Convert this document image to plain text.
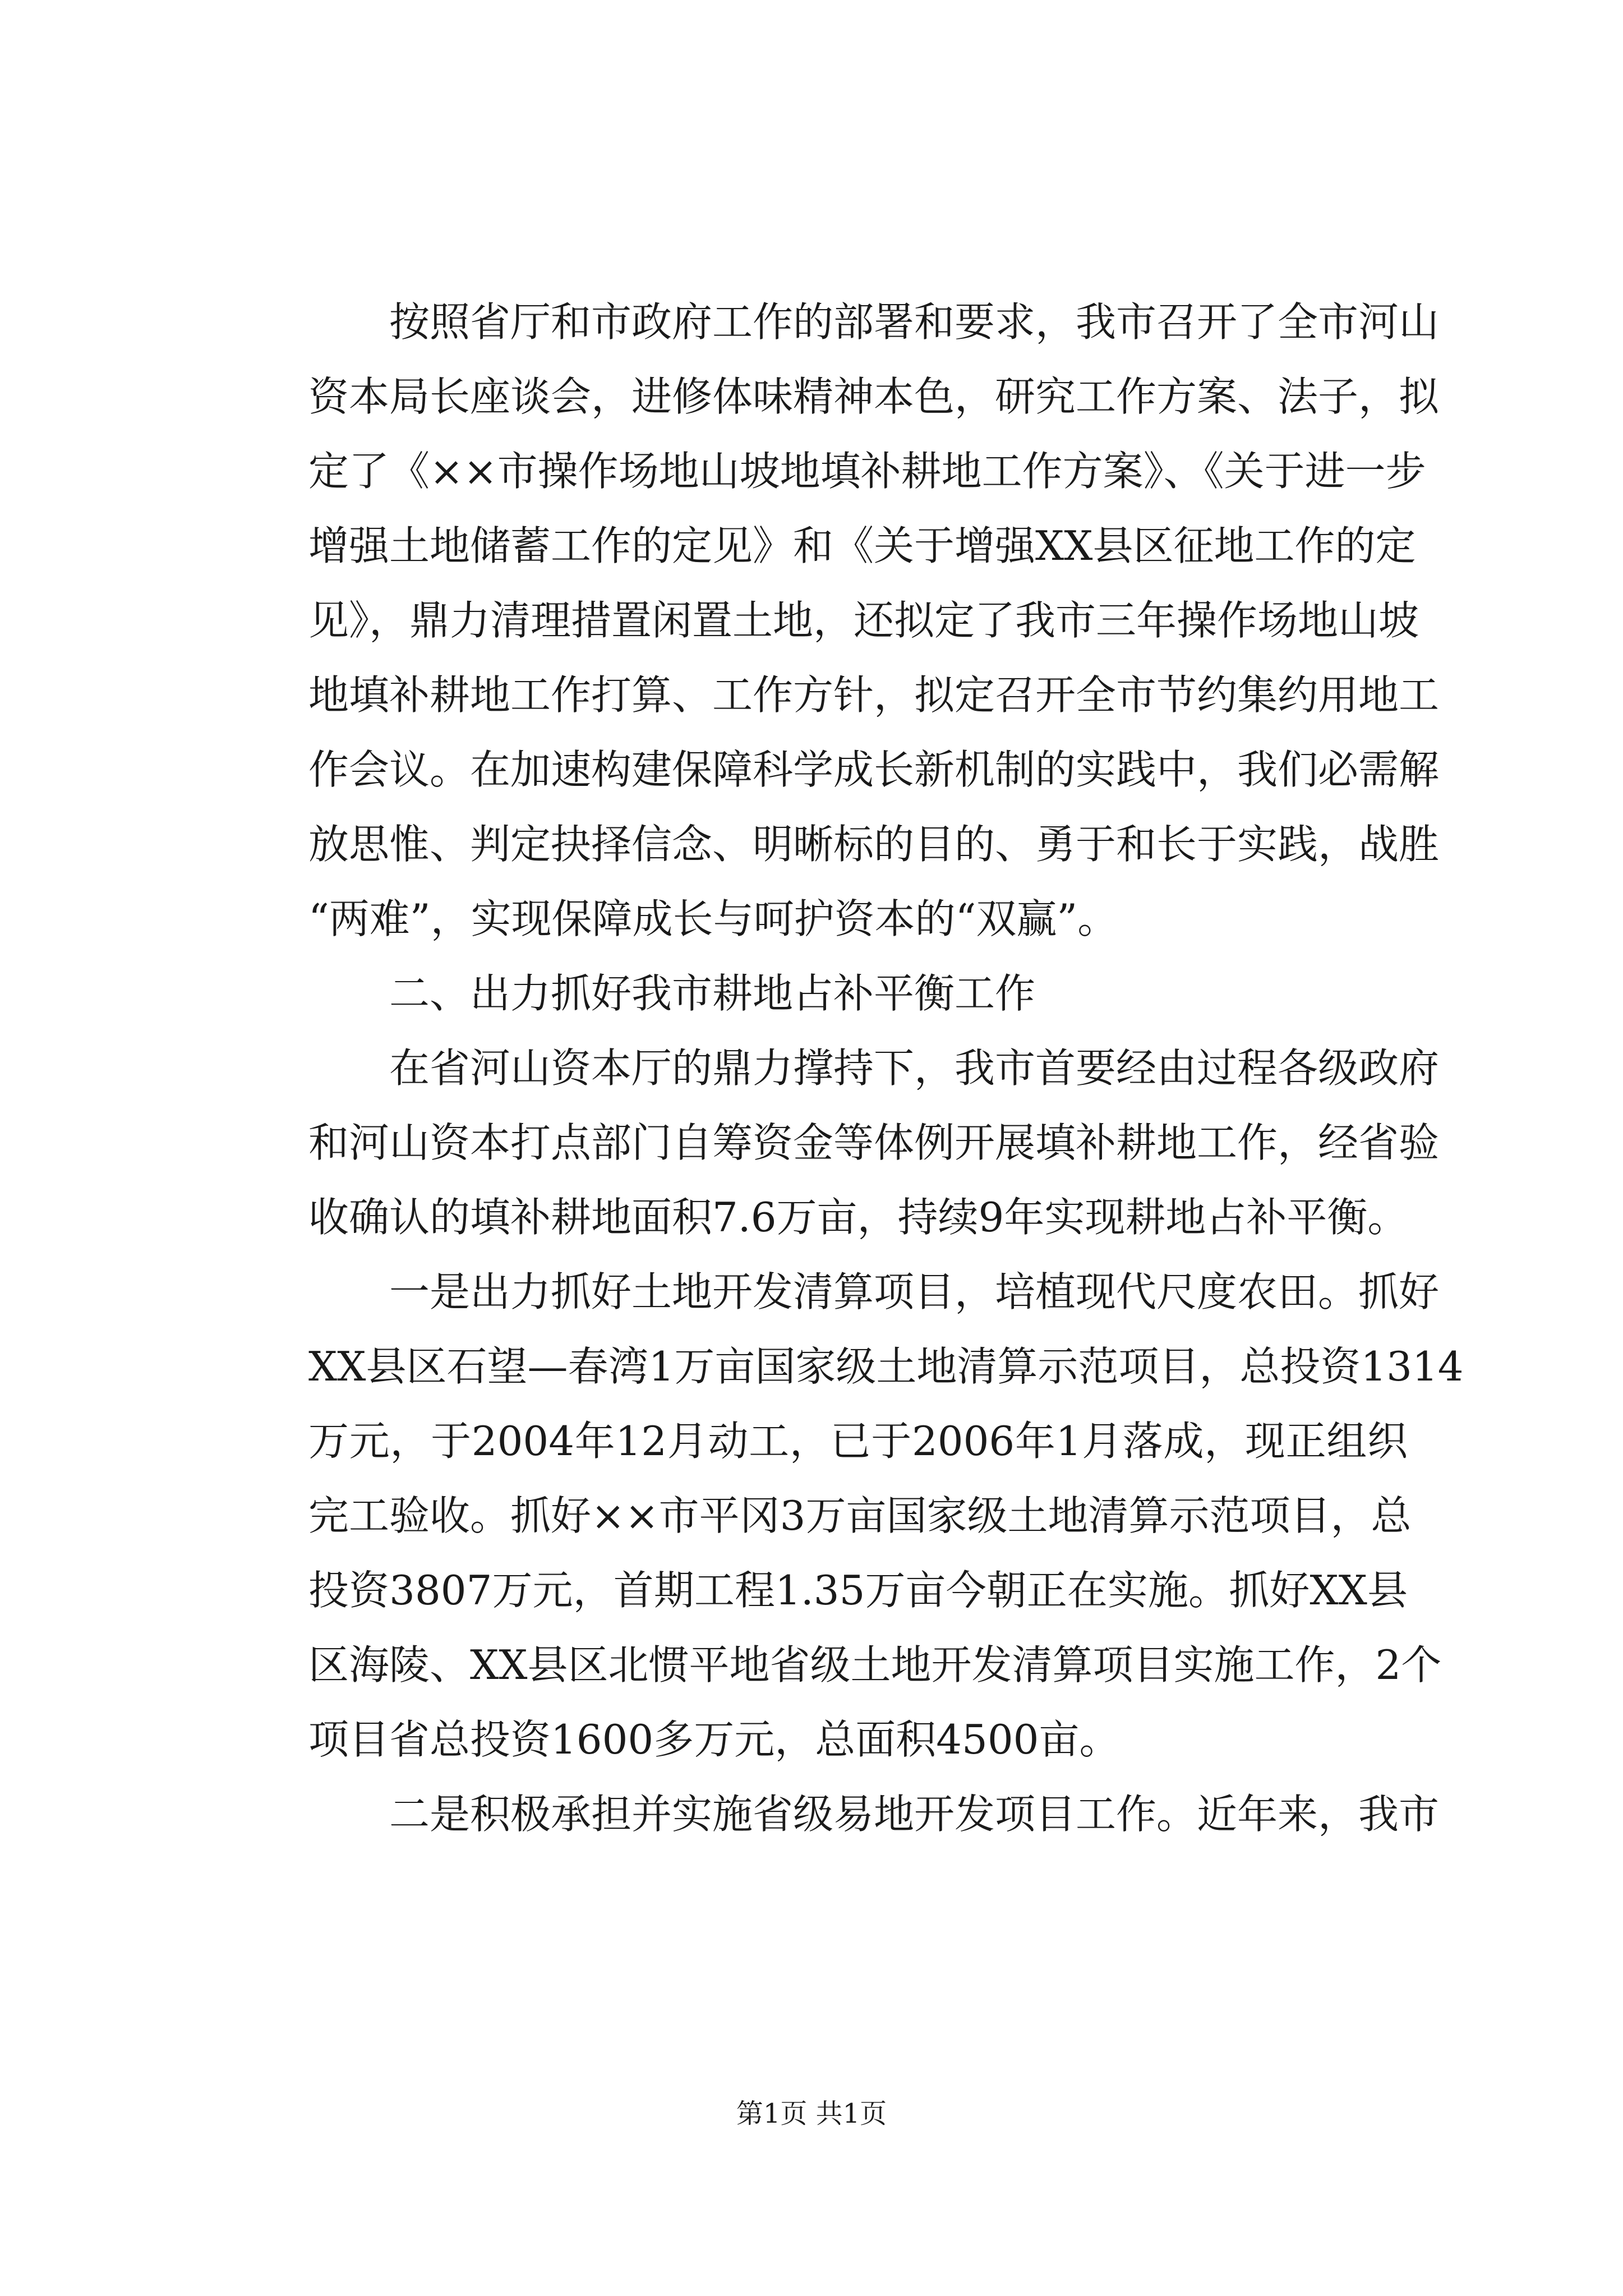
　　按照省厅和市政府工作的部署和要求，我市召开了全市河山
资本局长座谈会，进修体味精神本色，研究工作方案、法子，拟
定了《××市操作场地山坡地填补耕地工作方案》、《关于进一步
增强土地储蓄工作的定见》和《关于增强XX县区征地工作的定
见》，鼎力清理措置闲置土地，还拟定了我市三年操作场地山坡
地填补耕地工作打算、工作方针，拟定召开全市节约集约用地工
作会议。在加速构建保障科学成长新机制的实践中，我们必需解
放思惟、判定抉择信念、明晰标的目的、勇于和长于实践，战胜
“两难”，实现保障成长与呵护资本的“双赢”。
　　二、出力抓好我市耕地占补平衡工作
　　在省河山资本厅的鼎力撑持下，我市首要经由过程各级政府
和河山资本打点部门自筹资金等体例开展填补耕地工作，经省验
收确认的填补耕地面积7.6万亩，持续9年实现耕地占补平衡。
　　一是出力抓好土地开发清算项目，培植现代尺度农田。抓好
XX县区石望—春湾1万亩国家级土地清算示范项目，总投资1314
万元，于2004年12月动工，已于2006年1月落成，现正组织
完工验收。抓好××市平冈3万亩国家级土地清算示范项目，总
投资3807万元，首期工程1.35万亩今朝正在实施。抓好XX县
区海陵、XX县区北惯平地省级土地开发清算项目实施工作，2个
项目省总投资1600多万元，总面积4500亩。
　　二是积极承担并实施省级易地开发项目工作。近年来，我市
第1页 共1页
